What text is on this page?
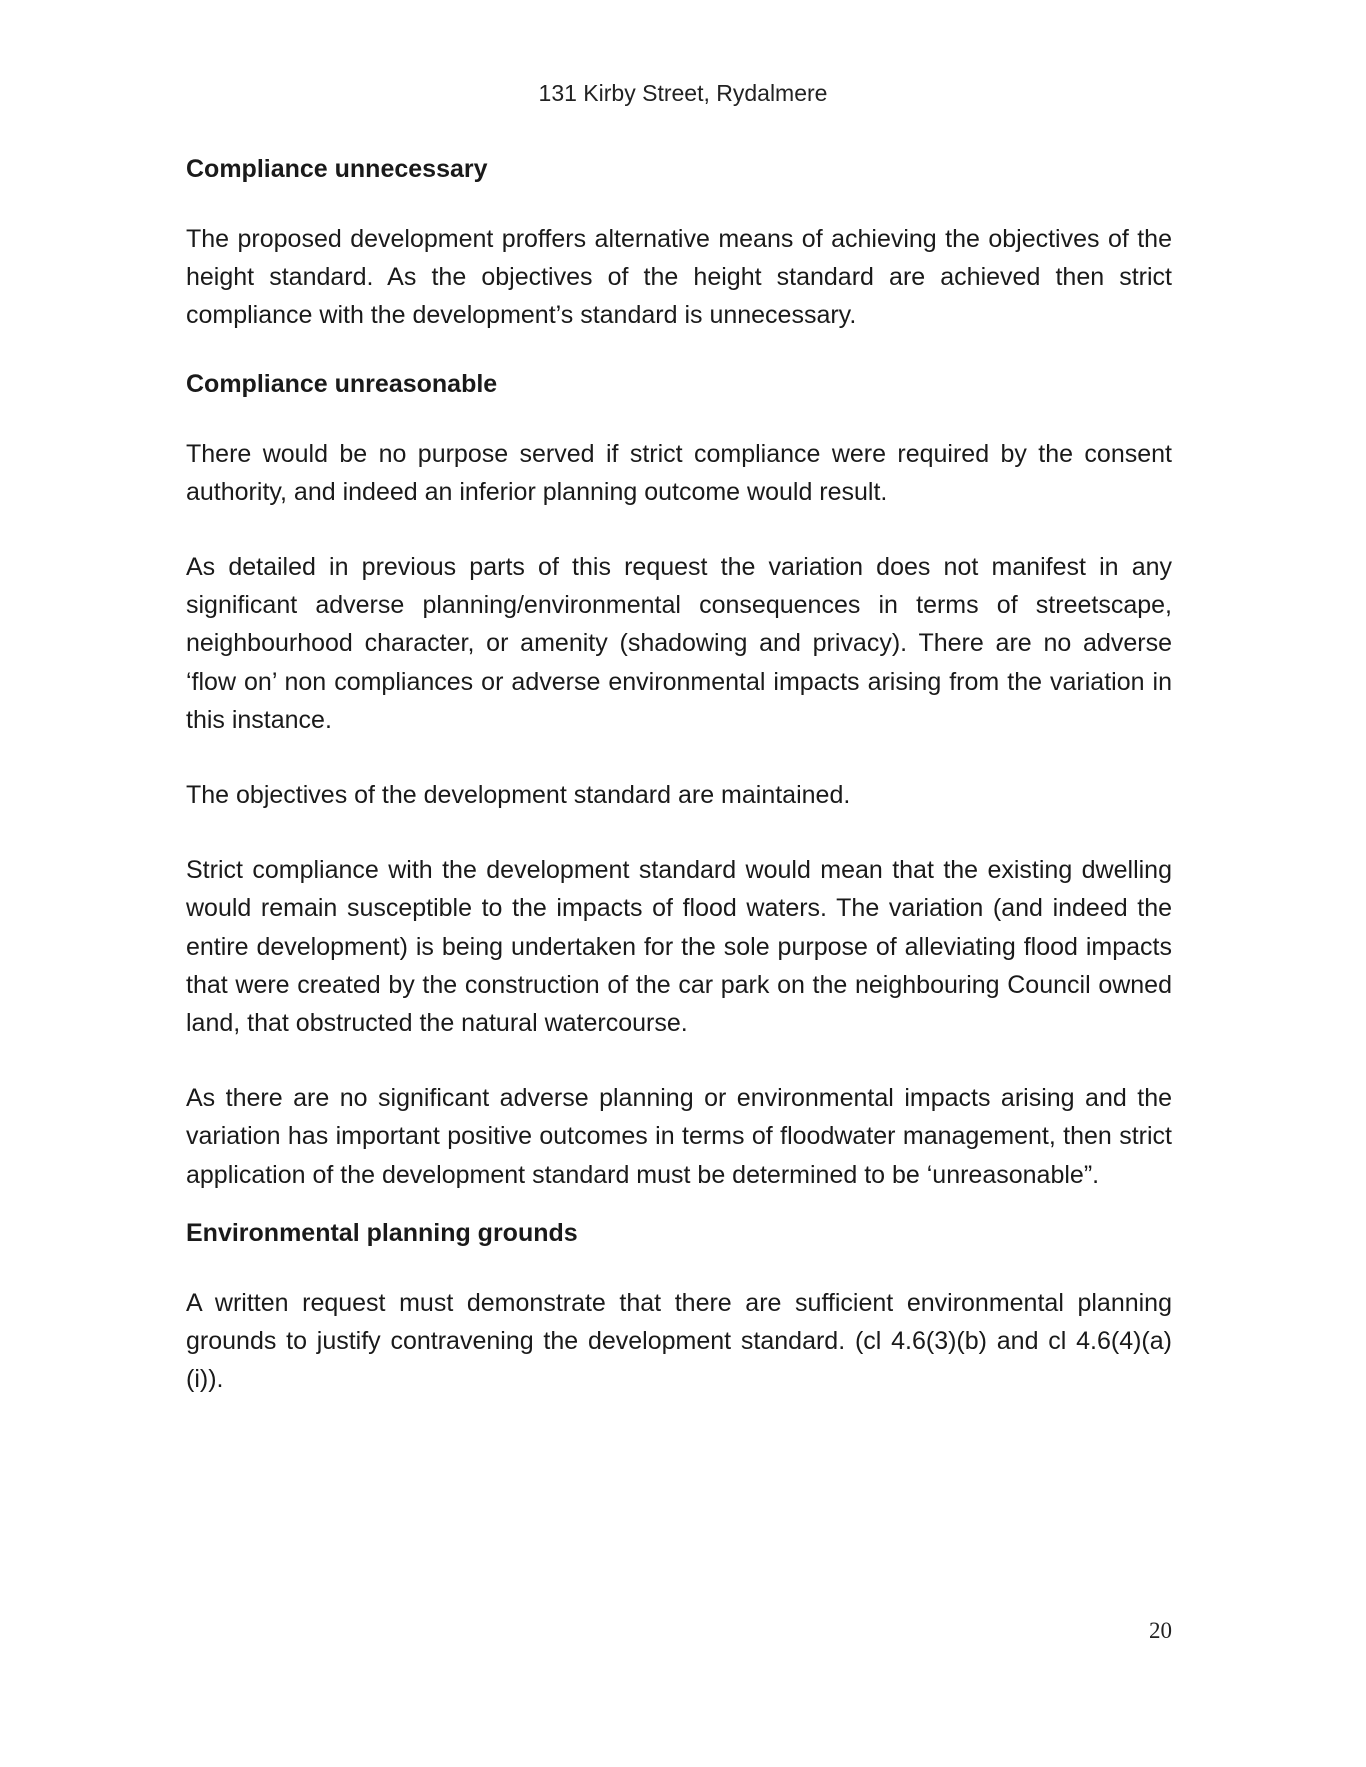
131 Kirby Street, Rydalmere

Compliance unnecessary

The proposed development proffers alternative means of achieving the objectives of the height standard. As the objectives of the height standard are achieved then strict compliance with the development’s standard is unnecessary.

Compliance unreasonable

There would be no purpose served if strict compliance were required by the consent authority, and indeed an inferior planning outcome would result.

As detailed in previous parts of this request the variation does not manifest in any significant adverse planning/environmental consequences in terms of streetscape, neighbourhood character, or amenity (shadowing and privacy). There are no adverse ‘flow on’ non compliances or adverse environmental impacts arising from the variation in this instance.

The objectives of the development standard are maintained.

Strict compliance with the development standard would mean that the existing dwelling would remain susceptible to the impacts of flood waters. The variation (and indeed the entire development) is being undertaken for the sole purpose of alleviating flood impacts that were created by the construction of the car park on the neighbouring Council owned land, that obstructed the natural watercourse.

As there are no significant adverse planning or environmental impacts arising and the variation has important positive outcomes in terms of floodwater management, then strict application of the development standard must be determined to be ‘unreasonable”.

Environmental planning grounds

A written request must demonstrate that there are sufficient environmental planning grounds to justify contravening the development standard. (cl 4.6(3)(b) and cl 4.6(4)(a)(i)).

20
